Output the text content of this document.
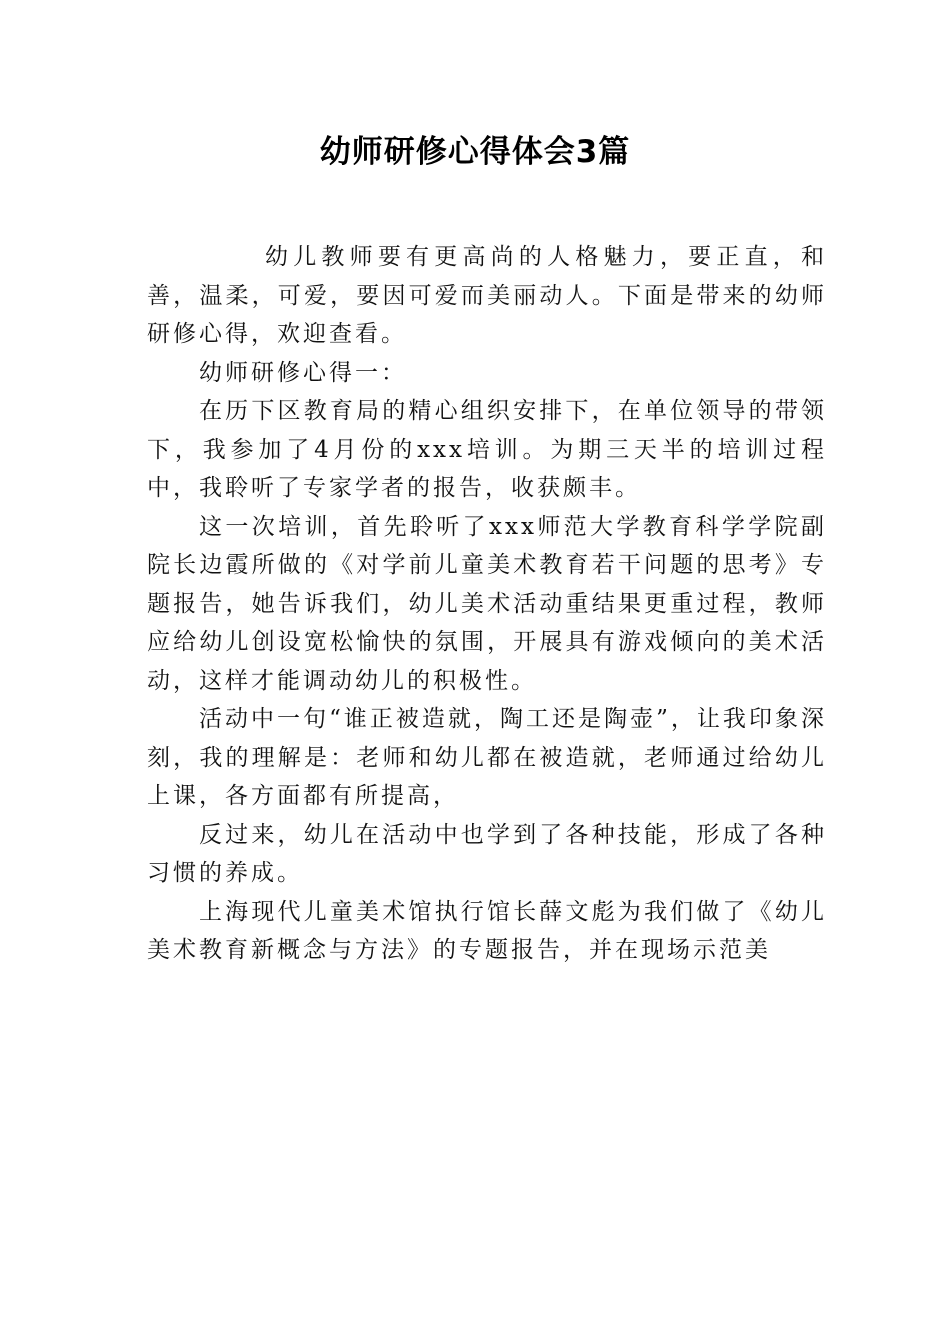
幼师研修心得体会3篇

幼儿教师要有更高尚的人格魅力，要正直，和善，温柔，可爱，要因可爱而美丽动人。下面是带来的幼师研修心得，欢迎查看。

幼师研修心得一：

在历下区教育局的精心组织安排下，在单位领导的带领下，我参加了4月份的xxx培训。为期三天半的培训过程中，我聆听了专家学者的报告，收获颇丰。

这一次培训，首先聆听了xxx师范大学教育科学学院副院长边霞所做的《对学前儿童美术教育若干问题的思考》专题报告，她告诉我们，幼儿美术活动重结果更重过程，教师应给幼儿创设宽松愉快的氛围，开展具有游戏倾向的美术活动，这样才能调动幼儿的积极性。

活动中一句“谁正被造就，陶工还是陶壶”，让我印象深刻，我的理解是：老师和幼儿都在被造就，老师通过给幼儿上课，各方面都有所提高，

反过来，幼儿在活动中也学到了各种技能，形成了各种习惯的养成。

上海现代儿童美术馆执行馆长薛文彪为我们做了《幼儿美术教育新概念与方法》的专题报告，并在现场示范美
